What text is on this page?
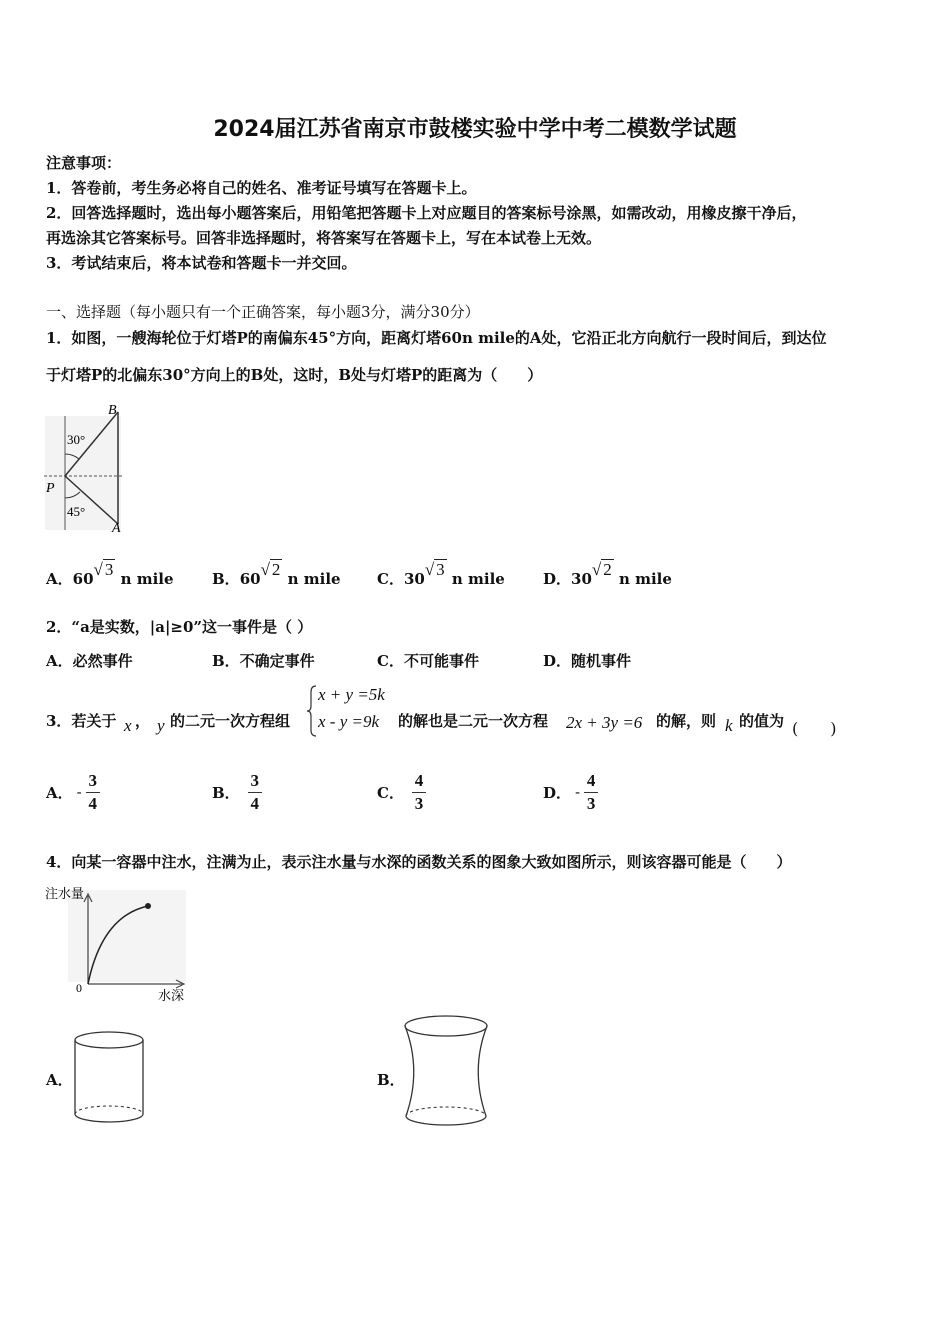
2024届江苏省南京市鼓楼实验中学中考二模数学试题
注意事项：
1．答卷前，考生务必将自己的姓名、准考证号填写在答题卡上。
2．回答选择题时，选出每小题答案后，用铅笔把答题卡上对应题目的答案标号涂黑，如需改动，用橡皮擦干净后，
再选涂其它答案标号。回答非选择题时，将答案写在答题卡上，写在本试卷上无效。
3．考试结束后，将本试卷和答题卡一并交回。
一、选择题（每小题只有一个正确答案，每小题3分，满分30分）
1．如图，一艘海轮位于灯塔P的南偏东45°方向，距离灯塔60n mile的A处，它沿正北方向航行一段时间后，到达位
于灯塔P的北偏东30°方向上的B处，这时，B处与灯塔P的距离为（　　）
B
P
A
30°
45°
A．60√ 3 n mile	B．60√ 2 n mile C．30√ 3 n mile	D．30√ 2 n mile
2．“a是实数，|a|≥0”这一事件是（ ）
A．必然事件	B．不确定事件	C．不可能事件	D．随机事件
3．若关于 x ， y 的二元一次方程组
x + y =5k
x - y =9k 的解也是二元一次方程 2x + 3y =6 的解，则 k 的值为 (　　)
A． - $\frac{3}{4}$	B． $\frac{3}{4}$	C． $\frac{4}{3}$	D． - $\frac{4}{3}$
4．向某一容器中注水，注满为止，表示注水量与水深的函数关系的图象大致如图所示，则该容器可能是（　　）
注水量
0	水深
A．	B．
